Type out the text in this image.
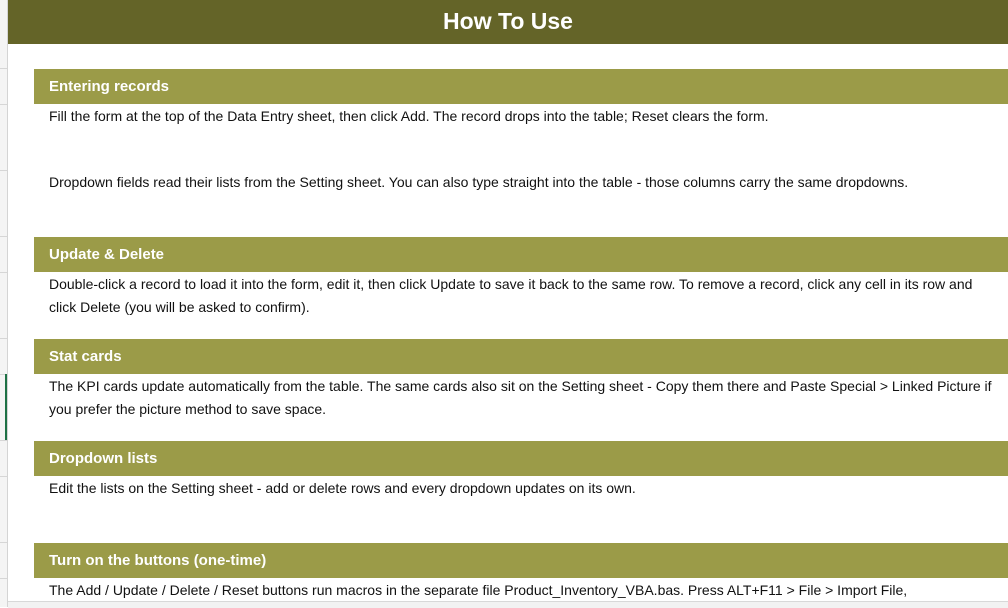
How To Use
Entering records
Fill the form at the top of the Data Entry sheet, then click Add. The record drops into the table; Reset clears the form.
Dropdown fields read their lists from the Setting sheet. You can also type straight into the table - those columns carry the same dropdowns.
Update & Delete
Double-click a record to load it into the form, edit it, then click Update to save it back to the same row. To remove a record, click any cell in its row and click Delete (you will be asked to confirm).
Stat cards
The KPI cards update automatically from the table. The same cards also sit on the Setting sheet - Copy them there and Paste Special > Linked Picture if you prefer the picture method to save space.
Dropdown lists
Edit the lists on the Setting sheet - add or delete rows and every dropdown updates on its own.
Turn on the buttons (one-time)
The Add / Update / Delete / Reset buttons run macros in the separate file Product_Inventory_VBA.bas. Press ALT+F11 > File > Import File,
